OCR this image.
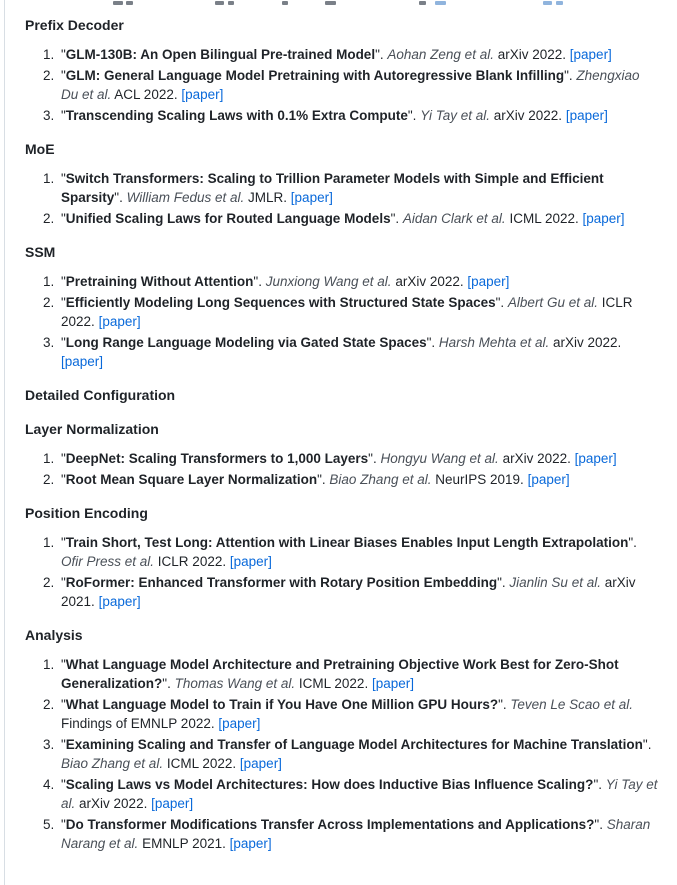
Prefix Decoder
1. "GLM-130B: An Open Bilingual Pre-trained Model". Aohan Zeng et al. arXiv 2022. [paper]
2. "GLM: General Language Model Pretraining with Autoregressive Blank Infilling". Zhengxiao Du et al. ACL 2022. [paper]
3. "Transcending Scaling Laws with 0.1% Extra Compute". Yi Tay et al. arXiv 2022. [paper]
MoE
1. "Switch Transformers: Scaling to Trillion Parameter Models with Simple and Efficient Sparsity". William Fedus et al. JMLR. [paper]
2. "Unified Scaling Laws for Routed Language Models". Aidan Clark et al. ICML 2022. [paper]
SSM
1. "Pretraining Without Attention". Junxiong Wang et al. arXiv 2022. [paper]
2. "Efficiently Modeling Long Sequences with Structured State Spaces". Albert Gu et al. ICLR 2022. [paper]
3. "Long Range Language Modeling via Gated State Spaces". Harsh Mehta et al. arXiv 2022. [paper]
Detailed Configuration
Layer Normalization
1. "DeepNet: Scaling Transformers to 1,000 Layers". Hongyu Wang et al. arXiv 2022. [paper]
2. "Root Mean Square Layer Normalization". Biao Zhang et al. NeurIPS 2019. [paper]
Position Encoding
1. "Train Short, Test Long: Attention with Linear Biases Enables Input Length Extrapolation". Ofir Press et al. ICLR 2022. [paper]
2. "RoFormer: Enhanced Transformer with Rotary Position Embedding". Jianlin Su et al. arXiv 2021. [paper]
Analysis
1. "What Language Model Architecture and Pretraining Objective Work Best for Zero-Shot Generalization?". Thomas Wang et al. ICML 2022. [paper]
2. "What Language Model to Train if You Have One Million GPU Hours?". Teven Le Scao et al. Findings of EMNLP 2022. [paper]
3. "Examining Scaling and Transfer of Language Model Architectures for Machine Translation". Biao Zhang et al. ICML 2022. [paper]
4. "Scaling Laws vs Model Architectures: How does Inductive Bias Influence Scaling?". Yi Tay et al. arXiv 2022. [paper]
5. "Do Transformer Modifications Transfer Across Implementations and Applications?". Sharan Narang et al. EMNLP 2021. [paper]
